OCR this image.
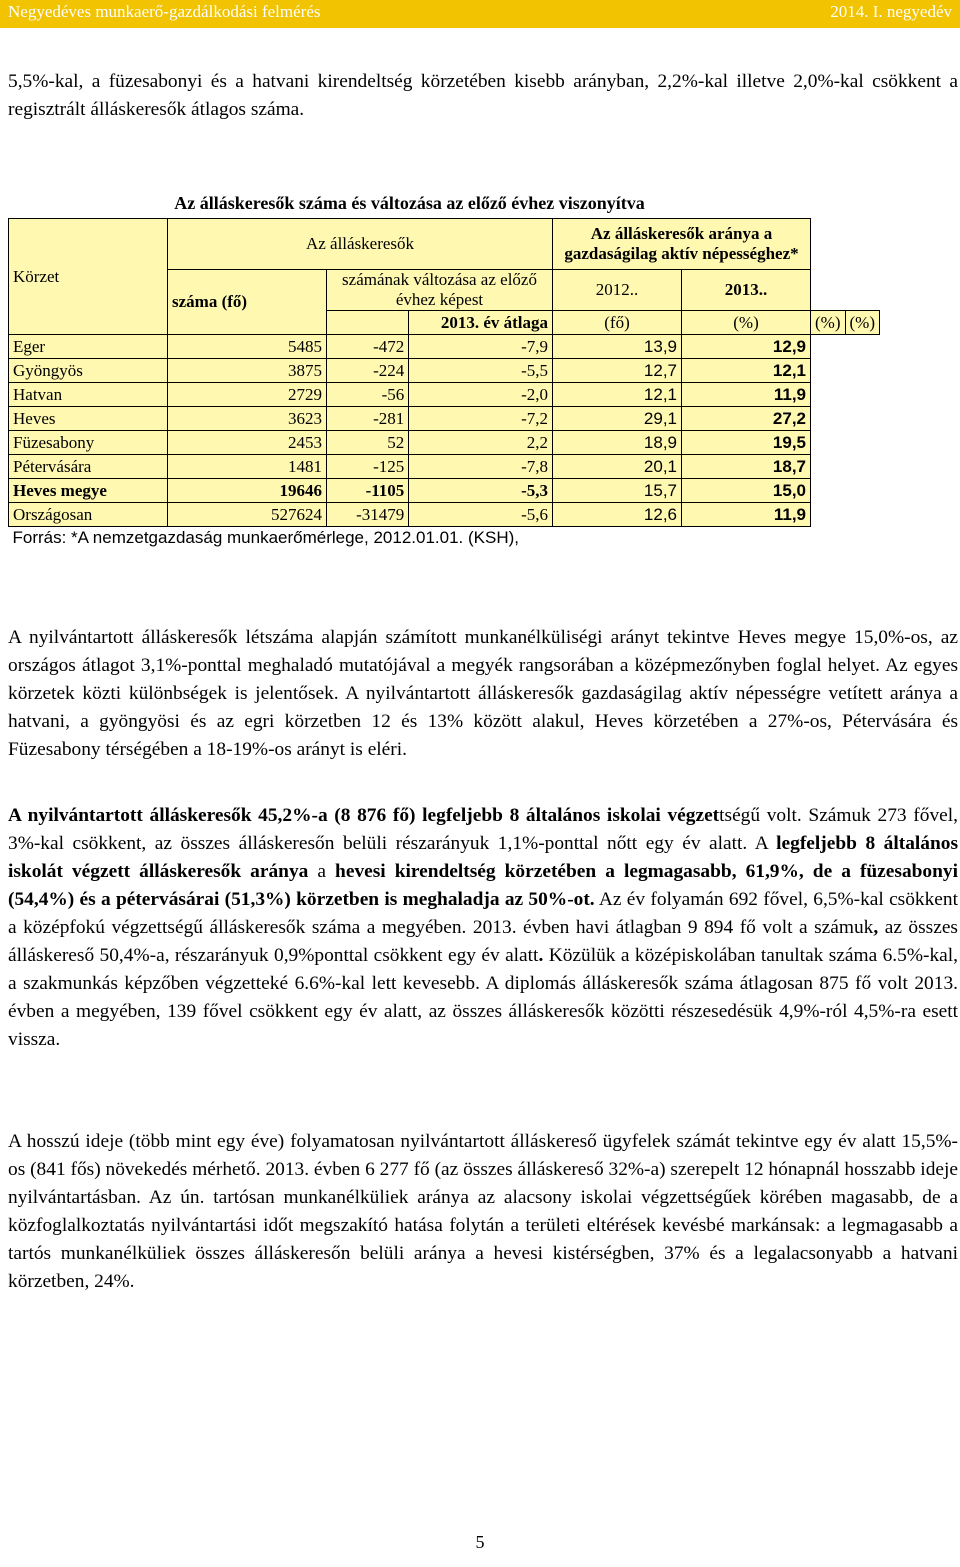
Negyedéves munkaerő-gazdálkodási felmérés	2014. I. negyedév

5,5%-kal, a füzesabonyi és a hatvani kirendeltség körzetében kisebb arányban, 2,2%-kal illetve 2,0%-kal csökkent a regisztrált álláskeresők átlagos száma.

Az álláskeresők száma és változása az előző évhez viszonyítva							
Körzet	Az álláskeresők			Az álláskeresők aránya a gazdaságilag aktív népességhez*			
	száma (fő)	számának változása az előző évhez képest		2012..	2013..		
			2013. év átlaga	(fő)	(%)	(%)	(%)
Eger	5485	-472	-7,9	13,9	12,9		
Gyöngyös	3875	-224	-5,5	12,7	12,1		
Hatvan	2729	-56	-2,0	12,1	11,9		
Heves	3623	-281	-7,2	29,1	27,2		
Füzesabony	2453	52	2,2	18,9	19,5		
Pétervására	1481	-125	-7,8	20,1	18,7		
Heves megye	19646	-1105	-5,3	15,7	15,0		
Országosan	527624	-31479	-5,6	12,6	11,9		
Forrás: *A nemzetgazdaság munkaerőmérlege, 2012.01.01. (KSH),							

A nyilvántartott álláskeresők létszáma alapján számított munkanélküliségi arányt tekintve Heves megye 15,0%-os, az országos átlagot 3,1%-ponttal meghaladó mutatójával a megyék rangsorában a középmezőnyben foglal helyet. Az egyes körzetek közti különbségek is jelentősek. A nyilvántartott álláskeresők gazdaságilag aktív népességre vetített aránya a hatvani, a gyöngyösi és az egri körzetben 12 és 13% között alakul, Heves körzetében a 27%-os, Pétervására és Füzesabony térségében a 18-19%-os arányt is eléri.

A nyilvántartott álláskeresők 45,2%-a (8 876 fő) legfeljebb 8 általános iskolai végzettségű volt. Számuk 273 fővel, 3%-kal csökkent, az összes álláskeresőn belüli részarányuk 1,1%-ponttal nőtt egy év alatt. A legfeljebb 8 általános iskolát végzett álláskeresők aránya a hevesi kirendeltség körzetében a legmagasabb, 61,9%, de a füzesabonyi (54,4%) és a pétervásárai (51,3%) körzetben is meghaladja az 50%-ot. Az év folyamán 692 fővel, 6,5%-kal csökkent a középfokú végzettségű álláskeresők száma a megyében. 2013. évben havi átlagban 9 894 fő volt a számuk, az összes álláskereső 50,4%-a, részarányuk 0,9%ponttal csökkent egy év alatt. Közülük a középiskolában tanultak száma 6.5%-kal, a szakmunkás képzőben végzetteké 6.6%-kal lett kevesebb. A diplomás álláskeresők száma átlagosan 875 fő volt 2013. évben a megyében, 139 fővel csökkent egy év alatt, az összes álláskeresők közötti részesedésük 4,9%-ról 4,5%-ra esett vissza.

A hosszú ideje (több mint egy éve) folyamatosan nyilvántartott álláskereső ügyfelek számát tekintve egy év alatt 15,5%-os (841 fős) növekedés mérhető. 2013. évben 6 277 fő (az összes álláskereső 32%-a) szerepelt 12 hónapnál hosszabb ideje nyilvántartásban. Az ún. tartósan munkanélküliek aránya az alacsony iskolai végzettségűek körében magasabb, de a közfoglalkoztatás nyilvántartási időt megszakító hatása folytán a területi eltérések kevésbé markánsak: a legmagasabb a tartós munkanélküliek összes álláskeresőn belüli aránya a hevesi kistérségben, 37% és a legalacsonyabb a hatvani körzetben, 24%.

5
